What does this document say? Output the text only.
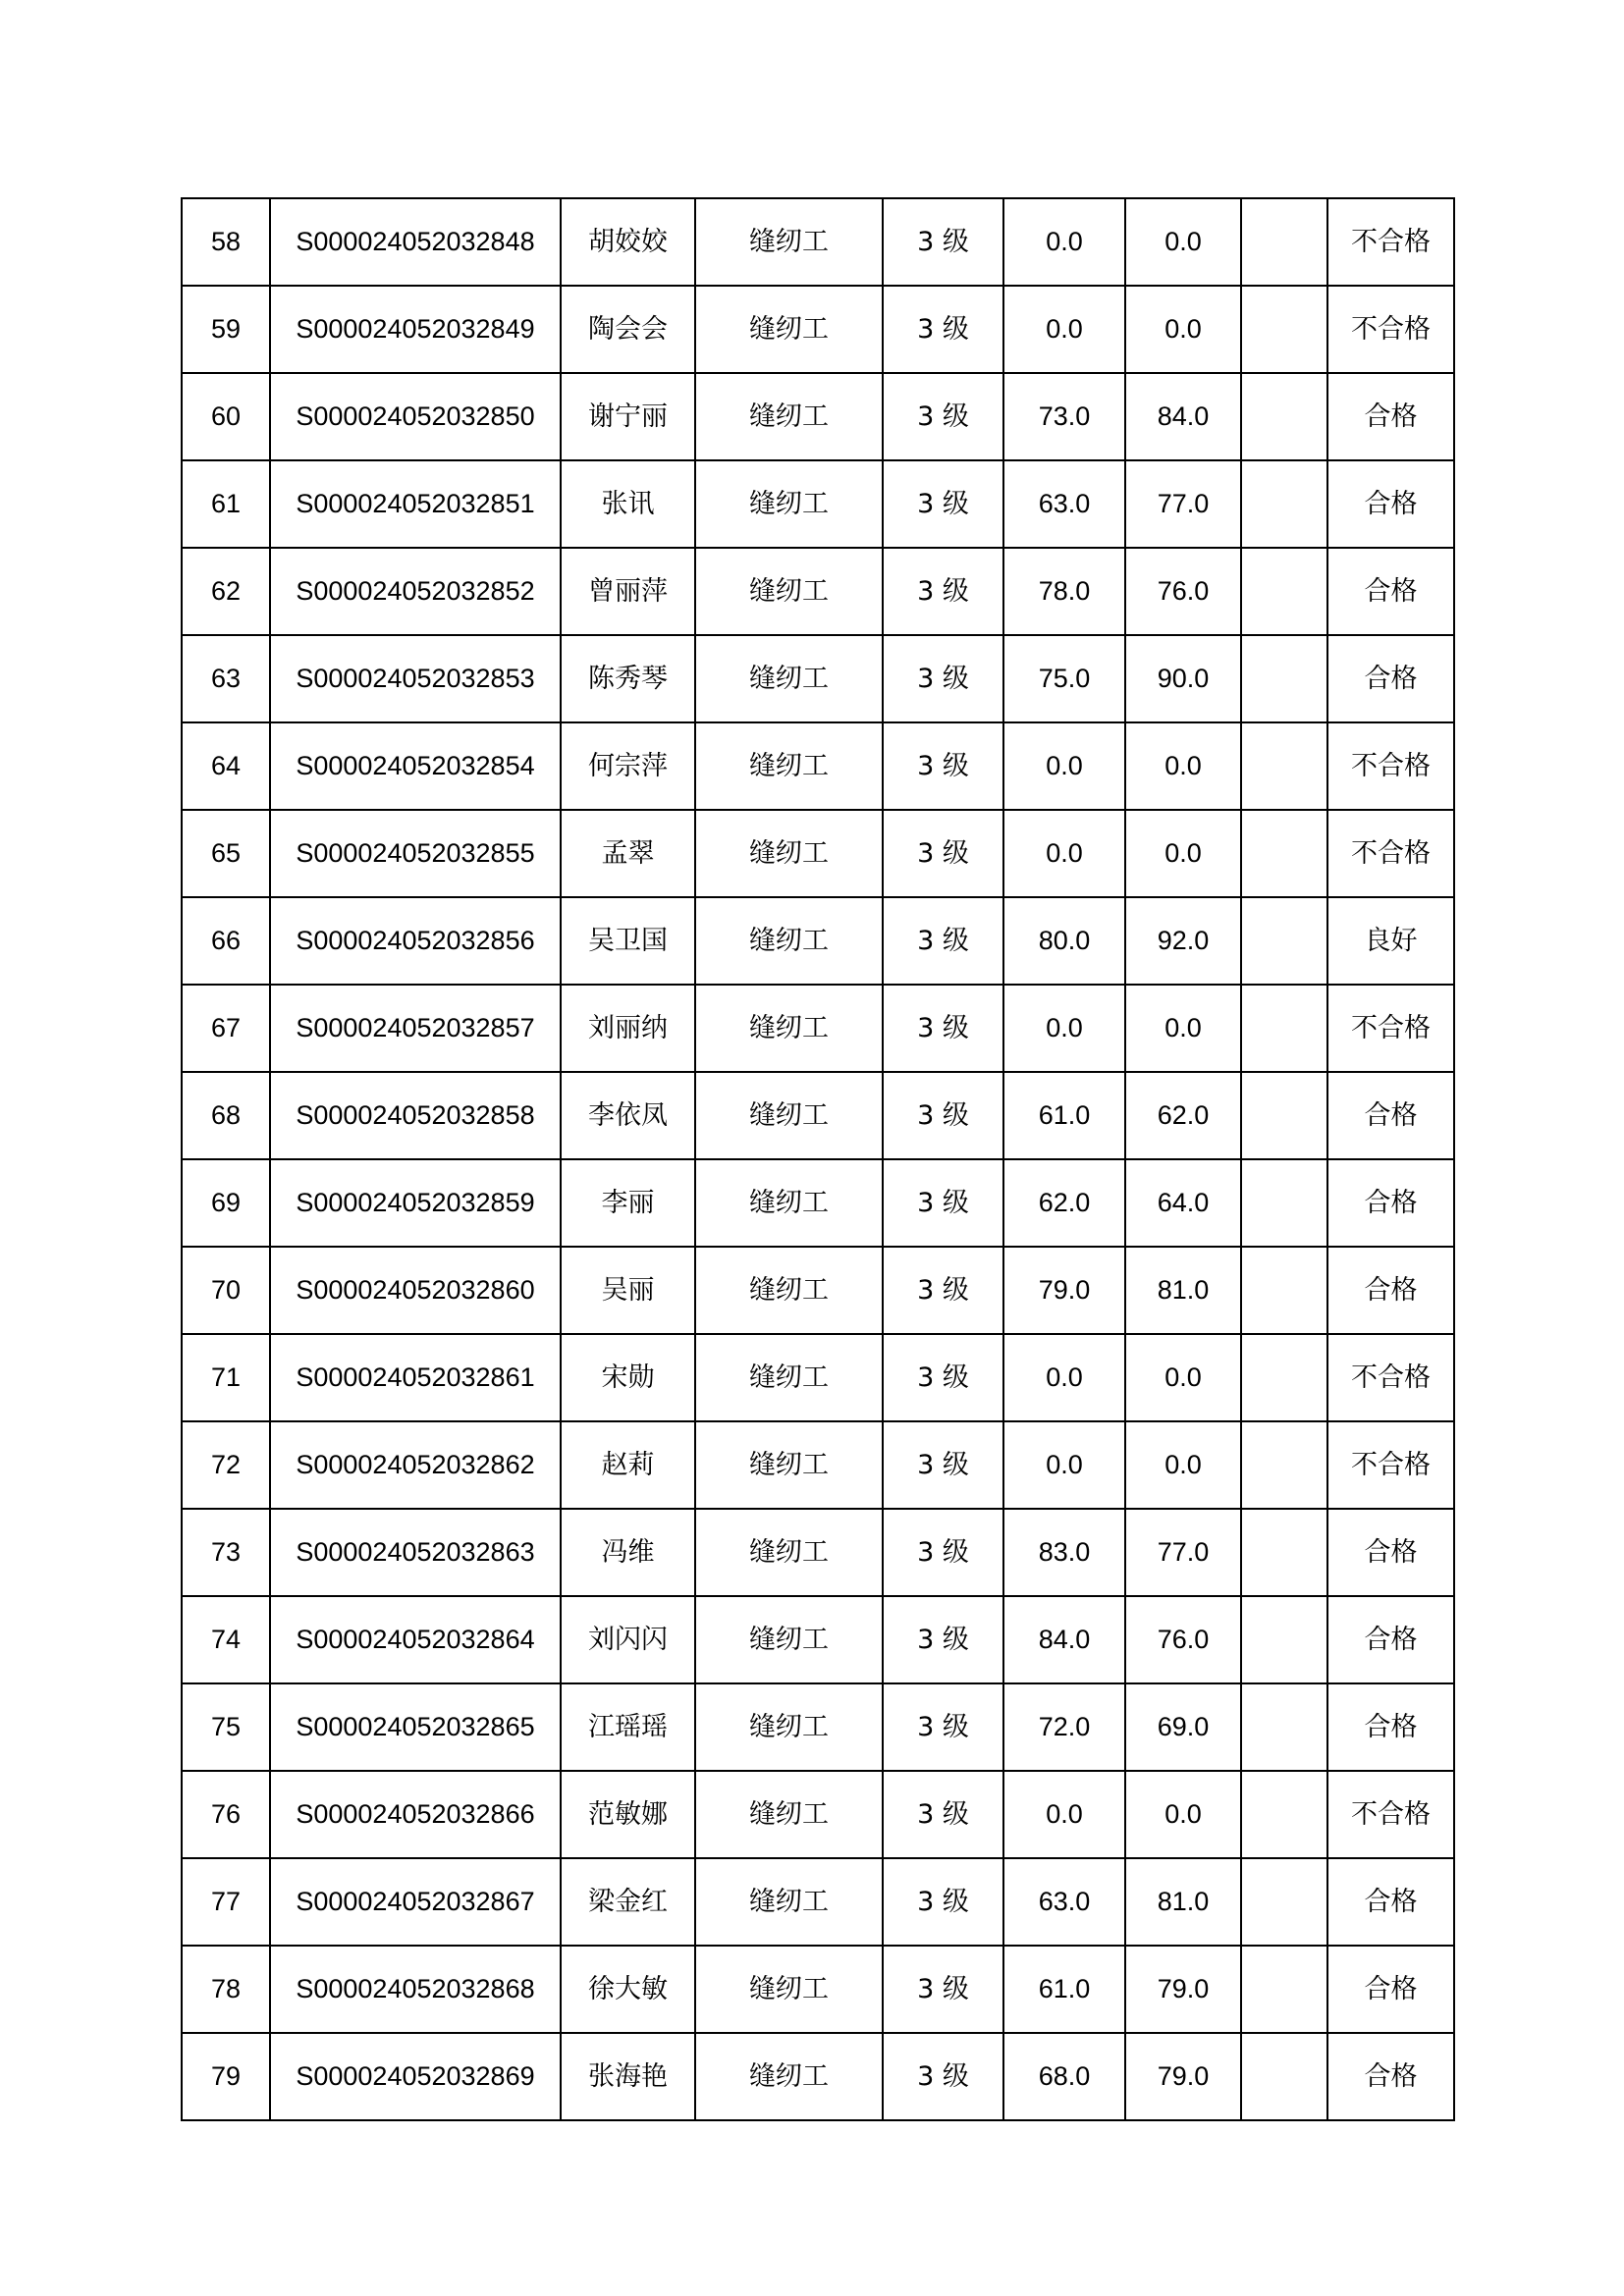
58	S000024052032848	胡姣姣	缝纫工	3 级	0.0	0.0		不合格
59	S000024052032849	陶会会	缝纫工	3 级	0.0	0.0		不合格
60	S000024052032850	谢宁丽	缝纫工	3 级	73.0	84.0		合格
61	S000024052032851	张讯	缝纫工	3 级	63.0	77.0		合格
62	S000024052032852	曾丽萍	缝纫工	3 级	78.0	76.0		合格
63	S000024052032853	陈秀琴	缝纫工	3 级	75.0	90.0		合格
64	S000024052032854	何宗萍	缝纫工	3 级	0.0	0.0		不合格
65	S000024052032855	孟翠	缝纫工	3 级	0.0	0.0		不合格
66	S000024052032856	吴卫国	缝纫工	3 级	80.0	92.0		良好
67	S000024052032857	刘丽纳	缝纫工	3 级	0.0	0.0		不合格
68	S000024052032858	李依凤	缝纫工	3 级	61.0	62.0		合格
69	S000024052032859	李丽	缝纫工	3 级	62.0	64.0		合格
70	S000024052032860	吴丽	缝纫工	3 级	79.0	81.0		合格
71	S000024052032861	宋勋	缝纫工	3 级	0.0	0.0		不合格
72	S000024052032862	赵莉	缝纫工	3 级	0.0	0.0		不合格
73	S000024052032863	冯维	缝纫工	3 级	83.0	77.0		合格
74	S000024052032864	刘闪闪	缝纫工	3 级	84.0	76.0		合格
75	S000024052032865	江瑶瑶	缝纫工	3 级	72.0	69.0		合格
76	S000024052032866	范敏娜	缝纫工	3 级	0.0	0.0		不合格
77	S000024052032867	梁金红	缝纫工	3 级	63.0	81.0		合格
78	S000024052032868	徐大敏	缝纫工	3 级	61.0	79.0		合格
79	S000024052032869	张海艳	缝纫工	3 级	68.0	79.0		合格
